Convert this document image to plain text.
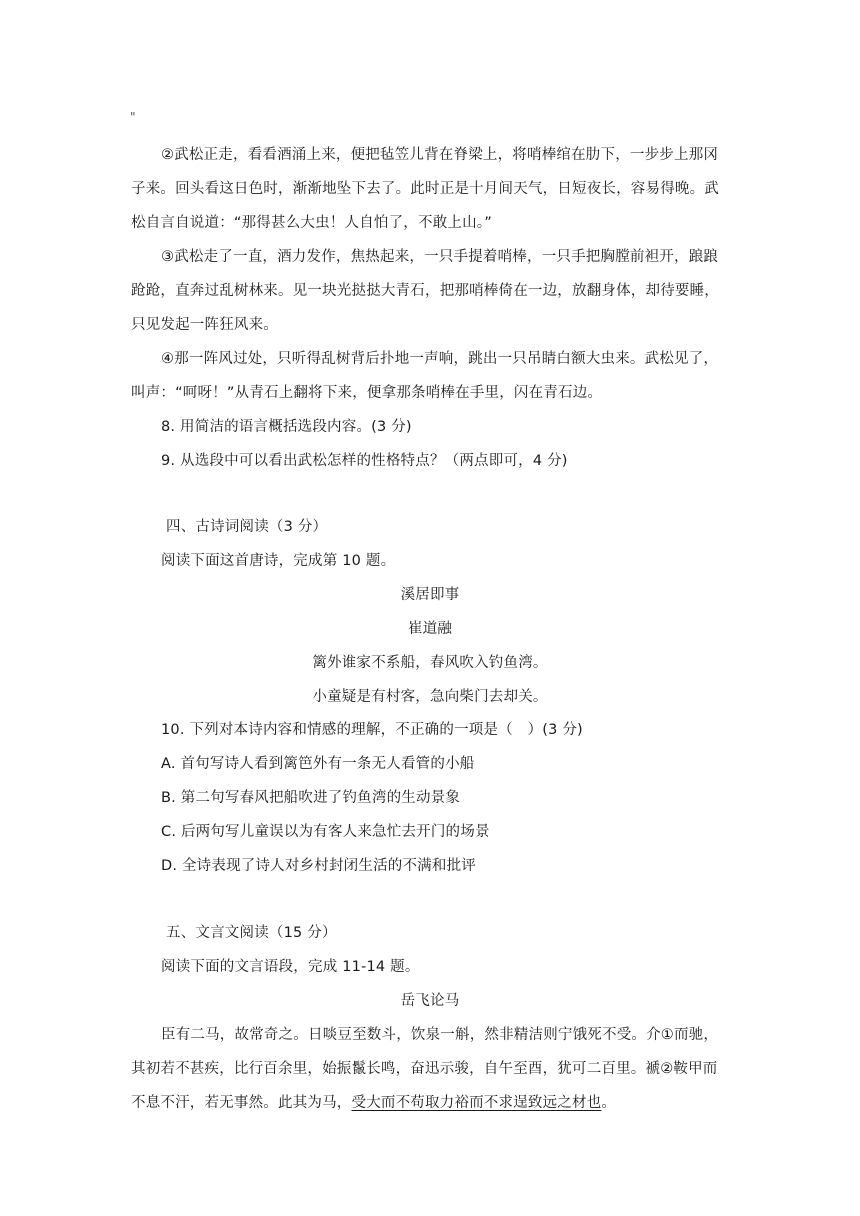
"
②武松正走，看看酒涌上来，便把毡笠儿背在脊梁上，将哨棒绾在肋下，一步步上那冈
子来。回头看这日色时，渐渐地坠下去了。此时正是十月间天气，日短夜长，容易得晚。武
松自言自说道：“那得甚么大虫！人自怕了，不敢上山。”
③武松走了一直，酒力发作，焦热起来，一只手提着哨棒，一只手把胸膛前袒开，踉踉
跄跄，直奔过乱树林来。见一块光挞挞大青石，把那哨棒倚在一边，放翻身体，却待要睡，
只见发起一阵狂风来。
④那一阵风过处，只听得乱树背后扑地一声响，跳出一只吊睛白额大虫来。武松见了，
叫声：“呵呀！”从青石上翻将下来，便拿那条哨棒在手里，闪在青石边。
8. 用简洁的语言概括选段内容。(3 分)
9. 从选段中可以看出武松怎样的性格特点？（两点即可，4 分)
四、古诗词阅读（3 分）
阅读下面这首唐诗，完成第 10 题。
溪居即事
崔道融
篱外谁家不系船，春风吹入钓鱼湾。
小童疑是有村客，急向柴门去却关。
10. 下列对本诗内容和情感的理解，不正确的一项是（　）(3 分)
A. 首句写诗人看到篱笆外有一条无人看管的小船
B. 第二句写春风把船吹进了钓鱼湾的生动景象
C. 后两句写儿童误以为有客人来急忙去开门的场景
D. 全诗表现了诗人对乡村封闭生活的不满和批评
五、文言文阅读（15 分）
阅读下面的文言语段，完成 11-14 题。
岳飞论马
臣有二马，故常奇之。日啖豆至数斗，饮泉一斛，然非精洁则宁饿死不受。介①而驰，
其初若不甚疾，比行百余里，始振鬣长鸣，奋迅示骏，自午至酉，犹可二百里。褫②鞍甲而
不息不汗，若无事然。此其为马，受大而不苟取力裕而不求逞致远之材也。
